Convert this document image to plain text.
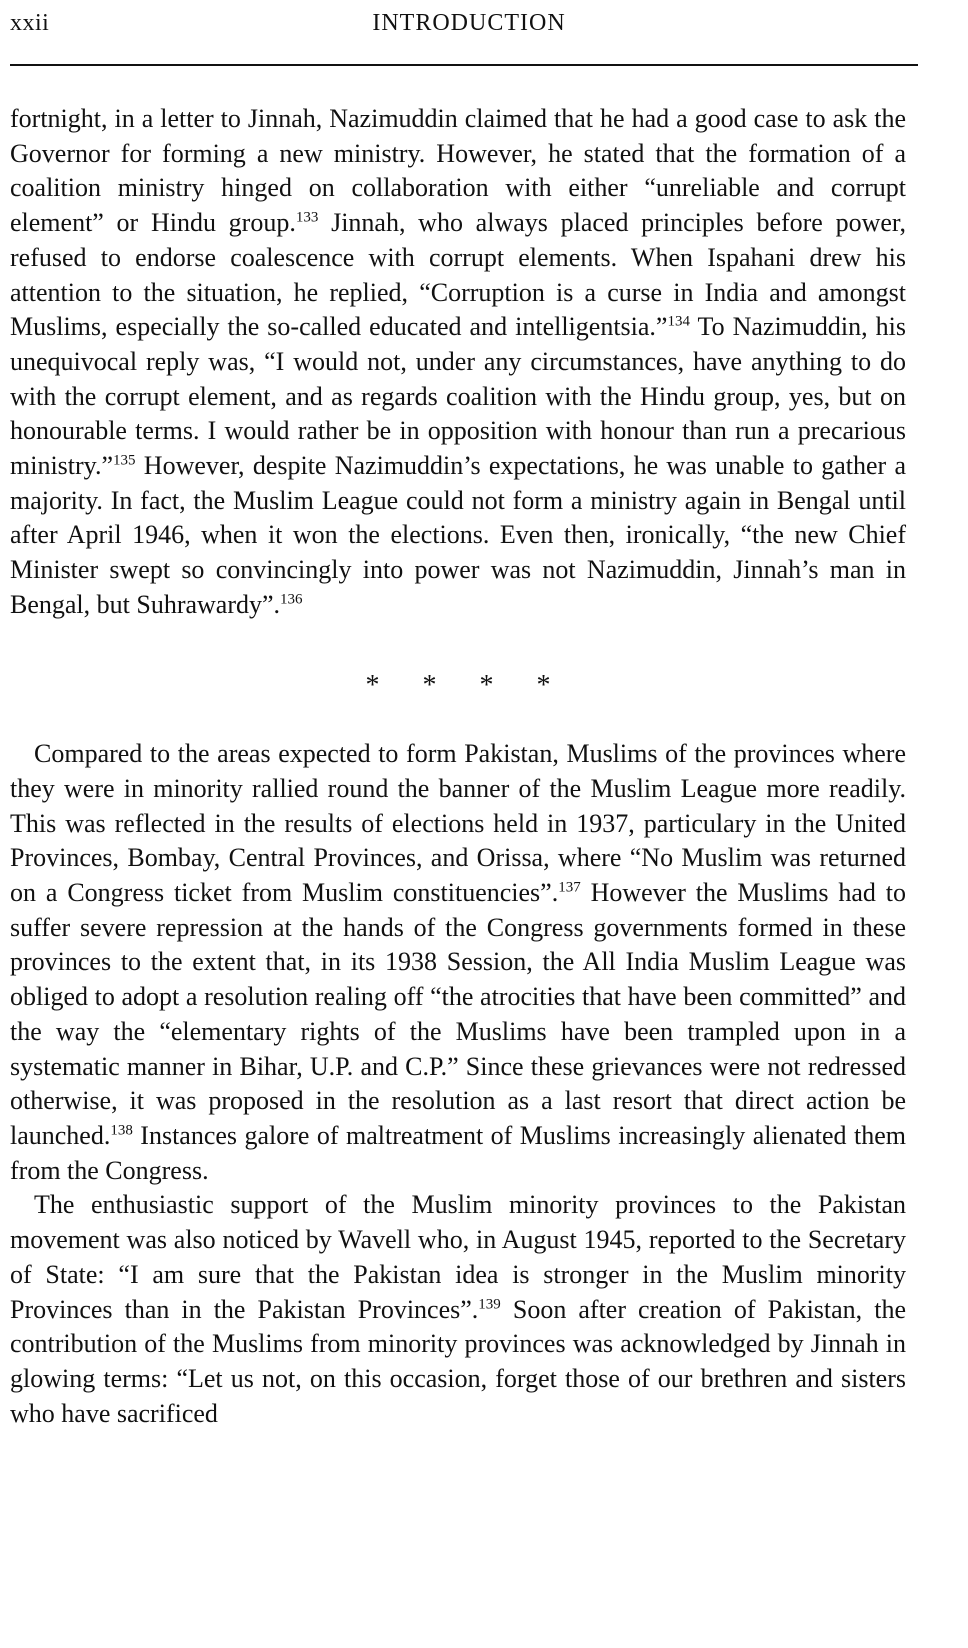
xxii	INTRODUCTION

fortnight, in a letter to Jinnah, Nazimuddin claimed that he had a good case to ask the Governor for forming a new ministry. However, he stated that the formation of a coalition ministry hinged on collaboration with either “unreliable and corrupt element” or Hindu group.$^{133}$ Jinnah, who always placed principles before power, refused to endorse coalescence with corrupt elements. When Ispahani drew his attention to the situation, he replied, “Corruption is a curse in India and amongst Muslims, especially the so-called educated and intelligentsia.”$^{134}$ To Nazimuddin, his unequivocal reply was, “I would not, under any circumstances, have anything to do with the corrupt element, and as regards coalition with the Hindu group, yes, but on honourable terms. I would rather be in opposition with honour than run a precarious ministry.”$^{135}$ However, despite Nazimuddin’s expectations, he was unable to gather a majority. In fact, the Muslim League could not form a ministry again in Bengal until after April 1946, when it won the elections. Even then, ironically, “the new Chief Minister swept so convincingly into power was not Nazimuddin, Jinnah’s man in Bengal, but Suhrawardy”.$^{136}$

* * * *

Compared to the areas expected to form Pakistan, Muslims of the provinces where they were in minority rallied round the banner of the Muslim League more readily. This was reflected in the results of elections held in 1937, particulary in the United Provinces, Bombay, Central Provinces, and Orissa, where “No Muslim was returned on a Congress ticket from Muslim constituencies”.$^{137}$ However the Muslims had to suffer severe repression at the hands of the Congress governments formed in these provinces to the extent that, in its 1938 Session, the All India Muslim League was obliged to adopt a resolution realing off “the atrocities that have been committed” and the way the “elementary rights of the Muslims have been trampled upon in a systematic manner in Bihar, U.P. and C.P.” Since these grievances were not redressed otherwise, it was proposed in the resolution as a last resort that direct action be launched.$^{138}$ Instances galore of maltreatment of Muslims increasingly alienated them from the Congress.

The enthusiastic support of the Muslim minority provinces to the Pakistan movement was also noticed by Wavell who, in August 1945, reported to the Secretary of State: “I am sure that the Pakistan idea is stronger in the Muslim minority Provinces than in the Pakistan Provinces”.$^{139}$ Soon after creation of Pakistan, the contribution of the Muslims from minority provinces was acknowledged by Jinnah in glowing terms: “Let us not, on this occasion, forget those of our brethren and sisters who have sacrificed
